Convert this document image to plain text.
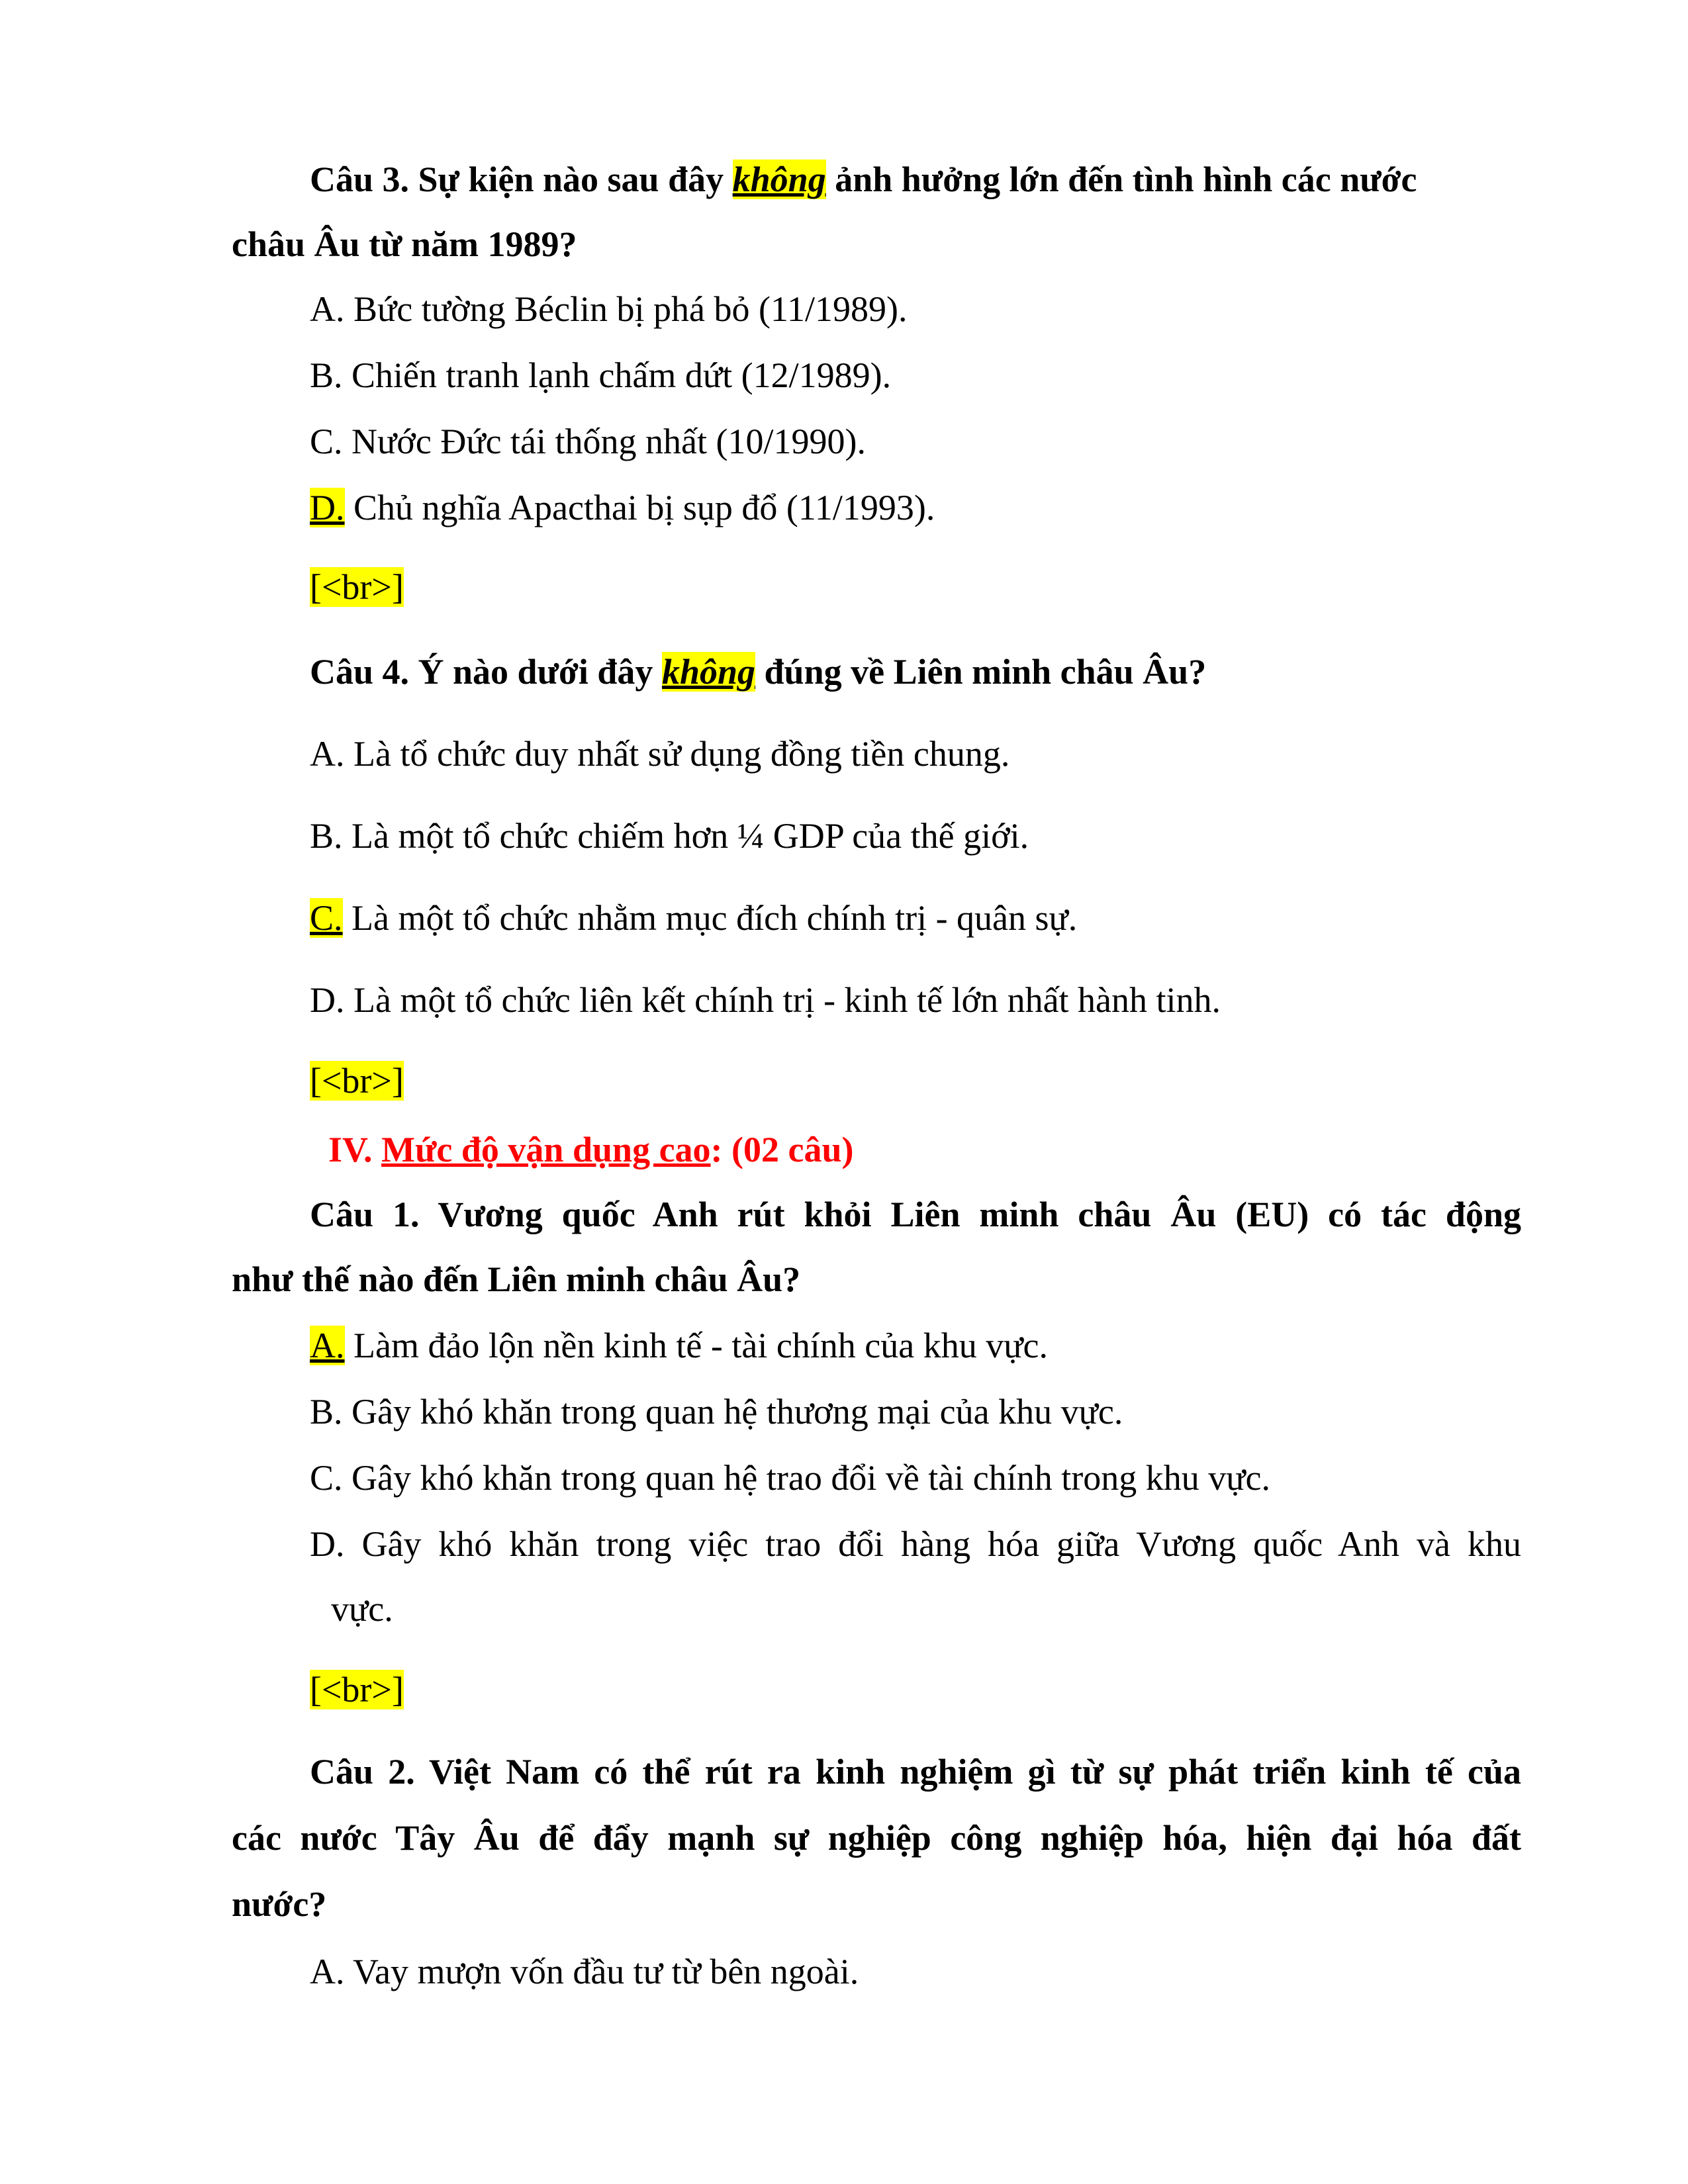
Câu 3. Sự kiện nào sau đây không ảnh hưởng lớn đến tình hình các nước
châu Âu từ năm 1989?
A. Bức tường Béclin bị phá bỏ (11/1989).
B. Chiến tranh lạnh chấm dứt (12/1989).
C. Nước Đức tái thống nhất (10/1990).
D. Chủ nghĩa Apacthai bị sụp đổ (11/1993).
[<br>]
Câu 4. Ý nào dưới đây không đúng về Liên minh châu Âu?
A. Là tổ chức duy nhất sử dụng đồng tiền chung.
B. Là một tổ chức chiếm hơn ¼ GDP của thế giới.
C. Là một tổ chức nhằm mục đích chính trị - quân sự.
D. Là một tổ chức liên kết chính trị - kinh tế lớn nhất hành tinh.
[<br>]
IV. Mức độ vận dụng cao: (02 câu)
Câu 1. Vương quốc Anh rút khỏi Liên minh châu Âu (EU) có tác động
như thế nào đến Liên minh châu Âu?
A. Làm đảo lộn nền kinh tế - tài chính của khu vực.
B. Gây khó khăn trong quan hệ thương mại của khu vực.
C. Gây khó khăn trong quan hệ trao đổi về tài chính trong khu vực.
D. Gây khó khăn trong việc trao đổi hàng hóa giữa Vương quốc Anh và khu
vực.
[<br>]
Câu 2. Việt Nam có thể rút ra kinh nghiệm gì từ sự phát triển kinh tế của
các nước Tây Âu để đẩy mạnh sự nghiệp công nghiệp hóa, hiện đại hóa đất
nước?
A. Vay mượn vốn đầu tư từ bên ngoài.
